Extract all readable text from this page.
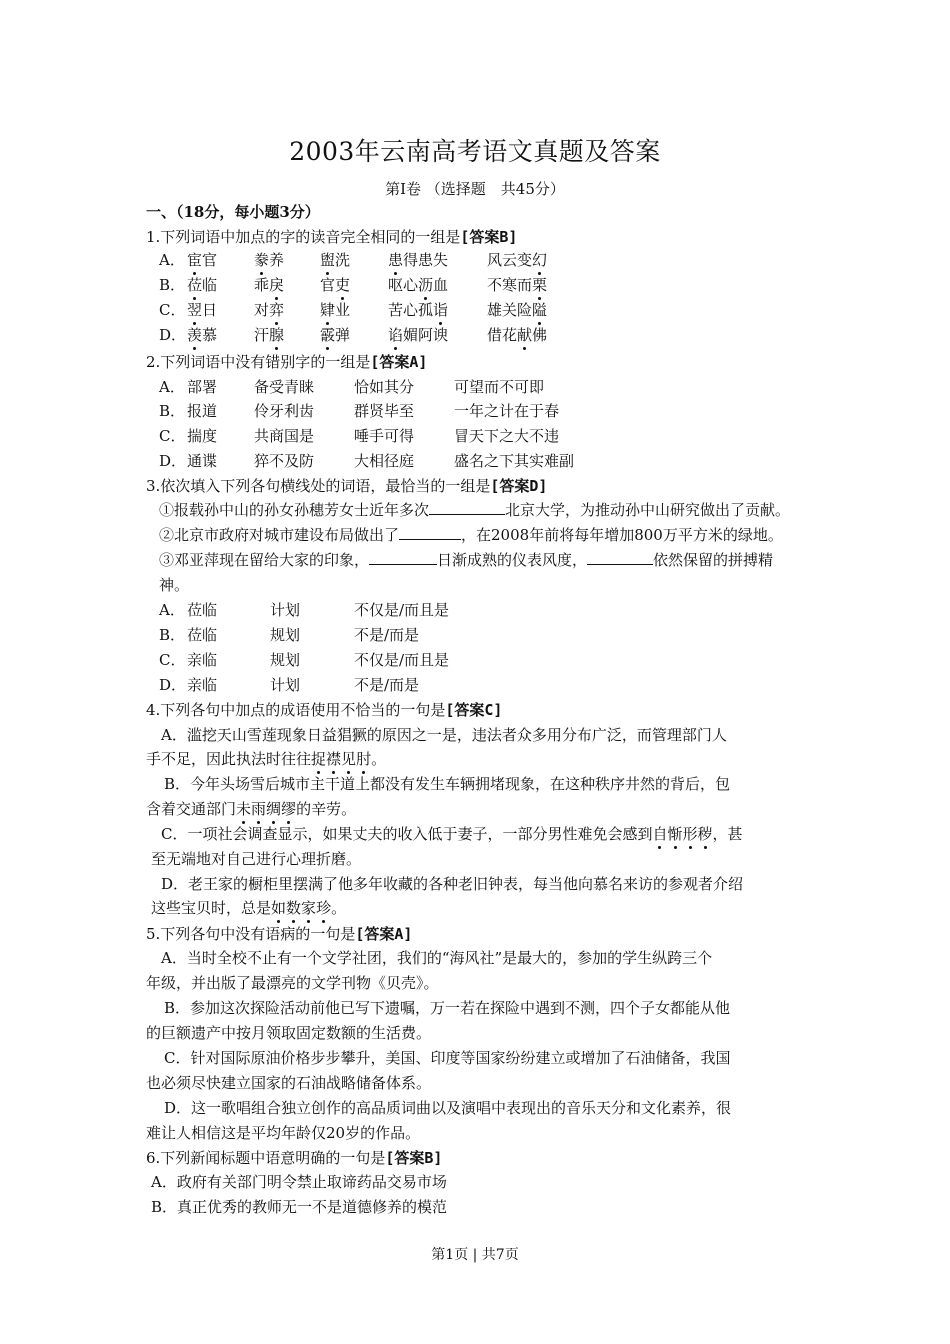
2003年云南高考语文真题及答案
第Ⅰ卷 （选择题　共45分）
一、（18分，每小题3分）
1.下列词语中加点的字的读音完全相同的一组是[答案B]
A． 宦官 豢养 盥洗	患得患失	风云变幻
B． 莅临 乖戾 官吏	呕心沥血	不寒而栗
C． 翌日 对弈 肄业	苦心孤诣	雄关险隘
D． 羡慕 汗腺 霰弹	谄媚阿谀	借花献佛
2.下列词语中没有错别字的一组是[答案A]
A． 部署 备受青睐	恰如其分	可望而不可即
B． 报道 伶牙利齿	群贤毕至	一年之计在于春
C． 揣度 共商国是	唾手可得	冒天下之大不违
D． 通谍 猝不及防	大相径庭	盛名之下其实难副
3.依次填入下列各句横线处的词语，最恰当的一组是[答案D]
①报载孙中山的孙女孙穗芳女士近年多次	北京大学，为推动孙中山研究做出了贡献。
②北京市政府对城市建设布局做出了	，在2008年前将每年增加800万平方米的绿地。
③邓亚萍现在留给大家的印象，	日渐成熟的仪表风度，	依然保留的拼搏精
神。
A． 莅临	计划	不仅是/而且是
B． 莅临	规划	不是/而是
C． 亲临	规划	不仅是/而且是
D． 亲临	计划	不是/而是
4.下列各句中加点的成语使用不恰当的一句是[答案C]
A．滥挖天山雪莲现象日益猖獗的原因之一是，违法者众多用分布广泛，而管理部门人
手不足，因此执法时往往捉襟见肘。
B．今年头场雪后城市主干道上都没有发生车辆拥堵现象，在这种秩序井然的背后，包
含着交通部门未雨绸缪的辛劳。
C．一项社会调查显示，如果丈夫的收入低于妻子，一部分男性难免会感到自惭形秽，甚
至无端地对自己进行心理折磨。
D．老王家的橱柜里摆满了他多年收藏的各种老旧钟表，每当他向慕名来访的参观者介绍
这些宝贝时，总是如数家珍。
5.下列各句中没有语病的一句是[答案A]
A．当时全校不止有一个文学社团，我们的“海风社”是最大的，参加的学生纵跨三个
年级，并出版了最漂亮的文学刊物《贝壳》。
B．参加这次探险活动前他已写下遗嘱，万一若在探险中遇到不测，四个子女都能从他
的巨额遗产中按月领取固定数额的生活费。
C．针对国际原油价格步步攀升，美国、印度等国家纷纷建立或增加了石油储备，我国
也必须尽快建立国家的石油战略储备体系。
D．这一歌唱组合独立创作的高品质词曲以及演唱中表现出的音乐天分和文化素养，很
难让人相信这是平均年龄仅20岁的作品。
6.下列新闻标题中语意明确的一句是[答案B]
A．政府有关部门明令禁止取谛药品交易市场
B．真正优秀的教师无一不是道德修养的模范
第1页 | 共7页
